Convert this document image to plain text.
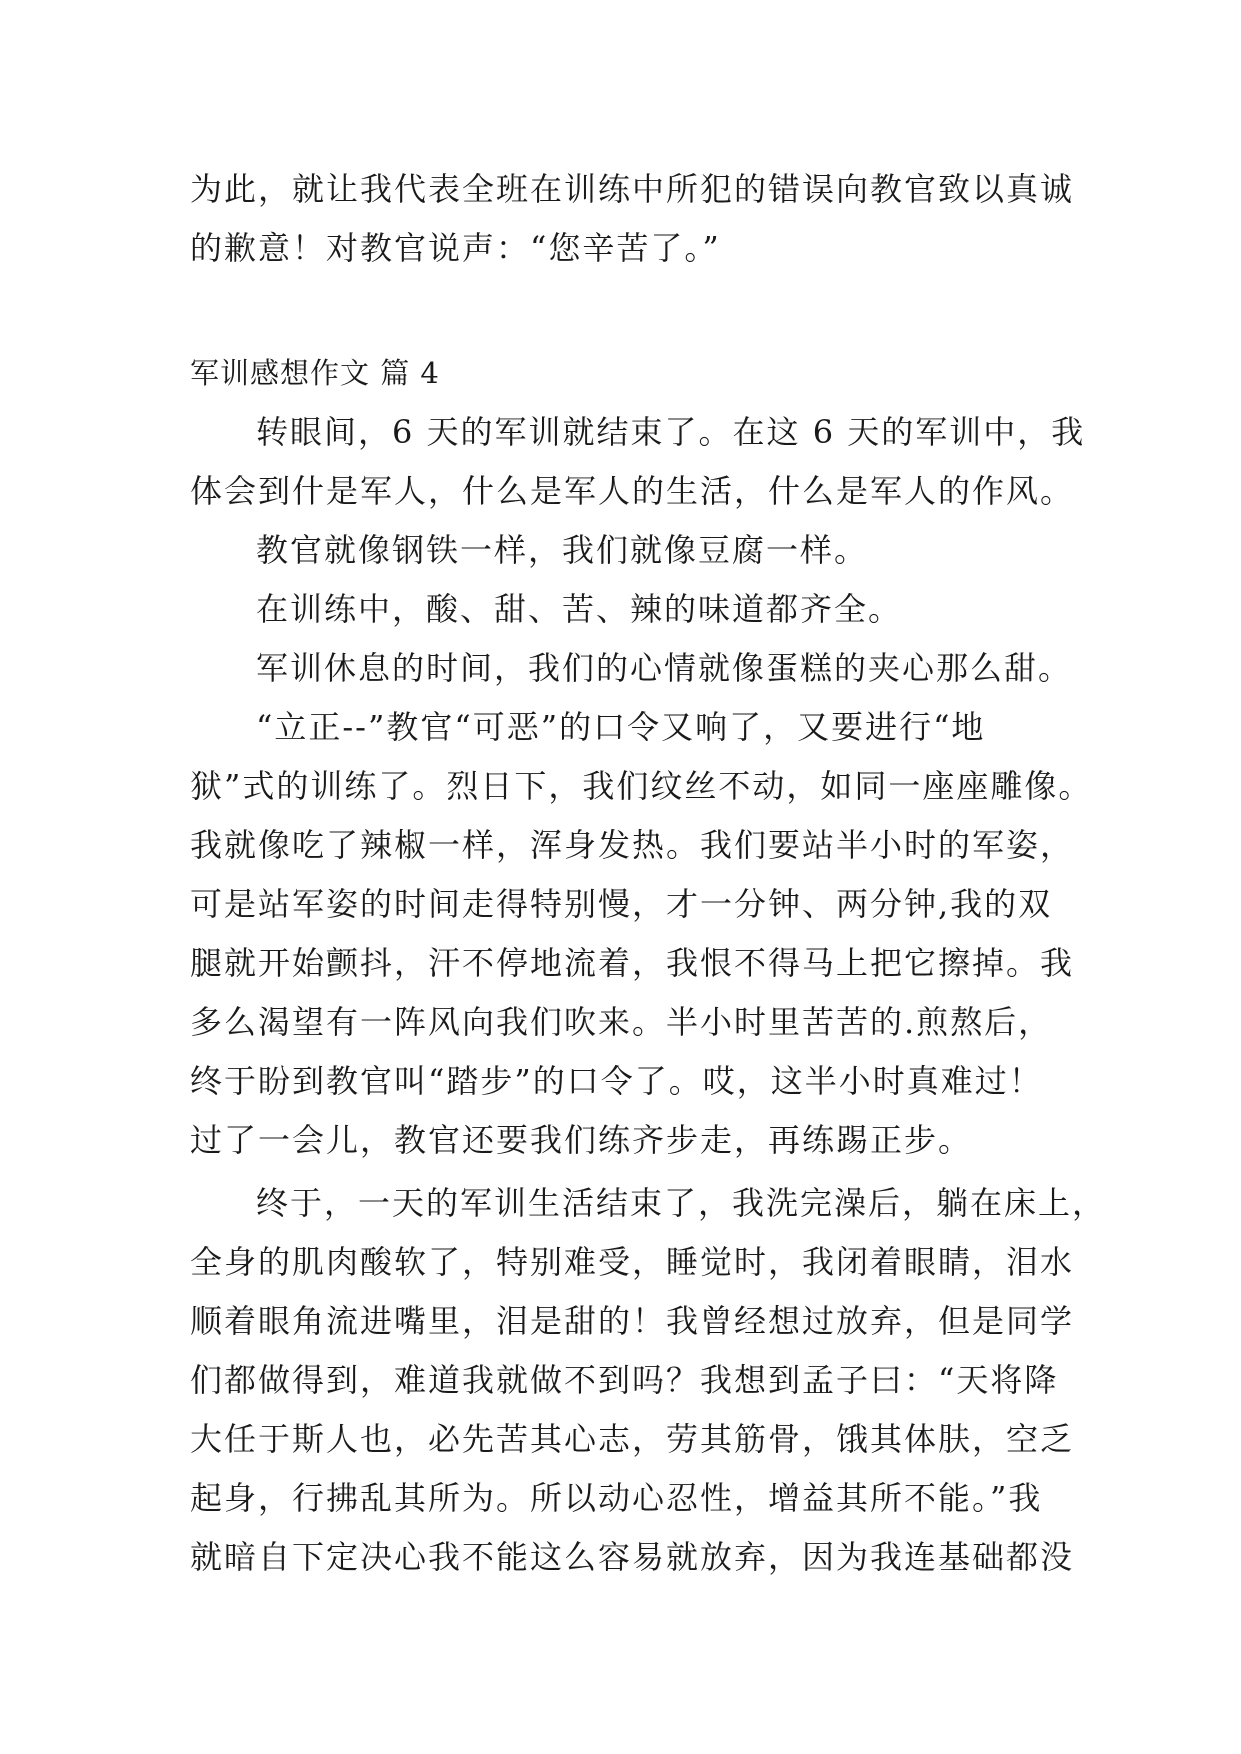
为此，就让我代表全班在训练中所犯的错误向教官致以真诚
的歉意！对教官说声：“您辛苦了。”
军训感想作文 篇 4
转眼间，6 天的军训就结束了。在这 6 天的军训中，我
体会到什是军人，什么是军人的生活，什么是军人的作风。
教官就像钢铁一样，我们就像豆腐一样。
在训练中，酸、甜、苦、辣的味道都齐全。
军训休息的时间，我们的心情就像蛋糕的夹心那么甜。
“立正--”教官“可恶”的口令又响了，又要进行“地
狱”式的训练了。烈日下，我们纹丝不动，如同一座座雕像。
我就像吃了辣椒一样，浑身发热。我们要站半小时的军姿，
可是站军姿的时间走得特别慢，才一分钟、两分钟,我的双
腿就开始颤抖，汗不停地流着，我恨不得马上把它擦掉。我
多么渴望有一阵风向我们吹来。半小时里苦苦的.煎熬后，
终于盼到教官叫“踏步”的口令了。哎，这半小时真难过！
过了一会儿，教官还要我们练齐步走，再练踢正步。
终于，一天的军训生活结束了，我洗完澡后，躺在床上，
全身的肌肉酸软了，特别难受，睡觉时，我闭着眼睛，泪水
顺着眼角流进嘴里，泪是甜的！我曾经想过放弃，但是同学
们都做得到，难道我就做不到吗？我想到孟子曰：“天将降
大任于斯人也，必先苦其心志，劳其筋骨，饿其体肤，空乏
起身，行拂乱其所为。所以动心忍性，增益其所不能。”我
就暗自下定决心我不能这么容易就放弃，因为我连基础都没
